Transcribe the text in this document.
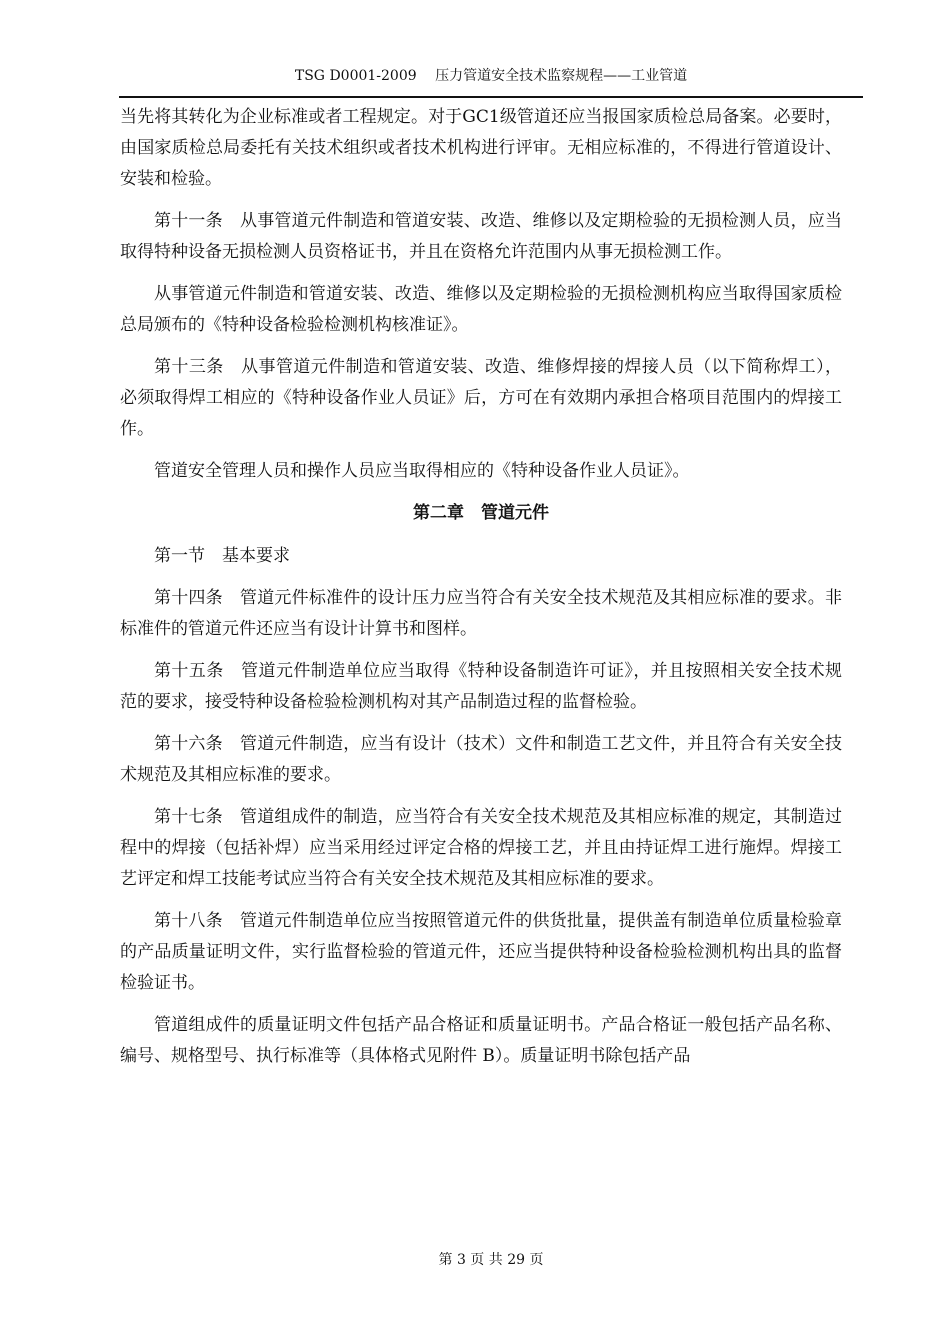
TSG D0001-2009　 压力管道安全技术监察规程——工业管道

当先将其转化为企业标准或者工程规定。对于GC1级管道还应当报国家质检总局备案。必要时，由国家质检总局委托有关技术组织或者技术机构进行评审。无相应标准的，不得进行管道设计、安装和检验。

第十一条　从事管道元件制造和管道安装、改造、维修以及定期检验的无损检测人员，应当取得特种设备无损检测人员资格证书，并且在资格允许范围内从事无损检测工作。

从事管道元件制造和管道安装、改造、维修以及定期检验的无损检测机构应当取得国家质检总局颁布的《特种设备检验检测机构核准证》。

第十三条　从事管道元件制造和管道安装、改造、维修焊接的焊接人员（以下简称焊工），必须取得焊工相应的《特种设备作业人员证》后，方可在有效期内承担合格项目范围内的焊接工作。

管道安全管理人员和操作人员应当取得相应的《特种设备作业人员证》。

第二章　管道元件

第一节　基本要求

第十四条　管道元件标准件的设计压力应当符合有关安全技术规范及其相应标准的要求。非标准件的管道元件还应当有设计计算书和图样。

第十五条　管道元件制造单位应当取得《特种设备制造许可证》，并且按照相关安全技术规范的要求，接受特种设备检验检测机构对其产品制造过程的监督检验。

第十六条　管道元件制造，应当有设计（技术）文件和制造工艺文件，并且符合有关安全技术规范及其相应标准的要求。

第十七条　管道组成件的制造，应当符合有关安全技术规范及其相应标准的规定，其制造过程中的焊接（包括补焊）应当采用经过评定合格的焊接工艺，并且由持证焊工进行施焊。焊接工艺评定和焊工技能考试应当符合有关安全技术规范及其相应标准的要求。

第十八条　管道元件制造单位应当按照管道元件的供货批量，提供盖有制造单位质量检验章的产品质量证明文件，实行监督检验的管道元件，还应当提供特种设备检验检测机构出具的监督检验证书。

管道组成件的质量证明文件包括产品合格证和质量证明书。产品合格证一般包括产品名称、编号、规格型号、执行标准等（具体格式见附件 B）。质量证明书除包括产品

第 3 页 共 29 页
